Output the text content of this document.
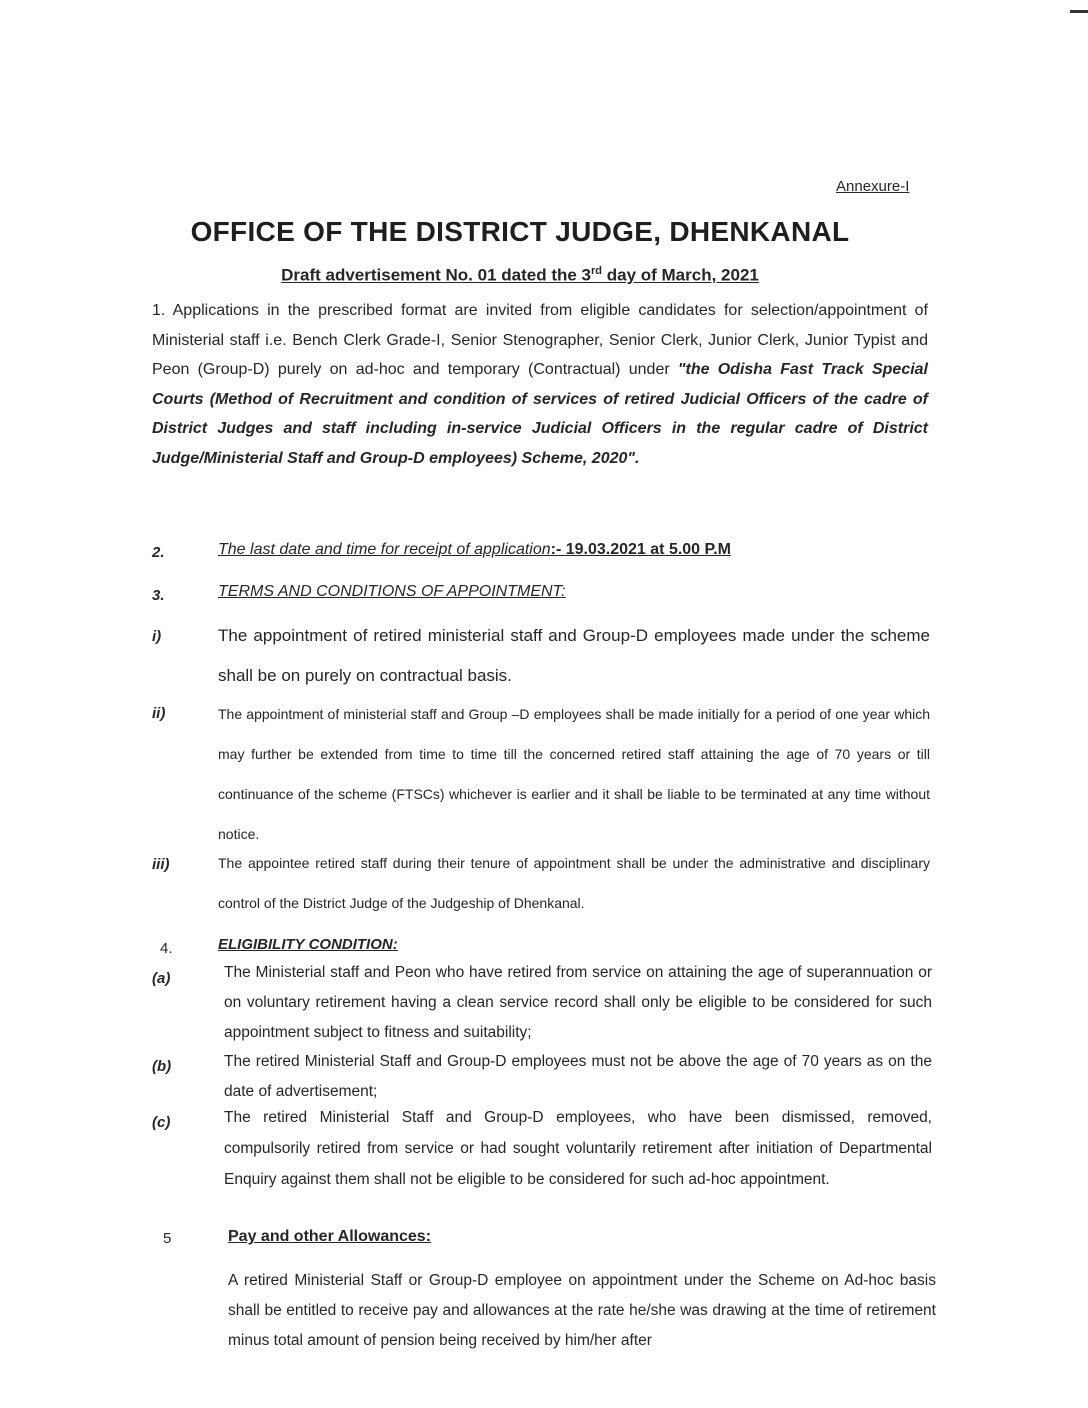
Annexure-I
OFFICE OF THE DISTRICT JUDGE, DHENKANAL
Draft advertisement No. 01 dated the 3rd day of March, 2021
1. Applications in the prescribed format are invited from eligible candidates for selection/appointment of Ministerial staff i.e. Bench Clerk Grade-I, Senior Stenographer, Senior Clerk, Junior Clerk, Junior Typist and Peon (Group-D) purely on ad-hoc and temporary (Contractual) under "the Odisha Fast Track Special Courts (Method of Recruitment and condition of services of retired Judicial Officers of the cadre of District Judges and staff including in-service Judicial Officers in the regular cadre of District Judge/Ministerial Staff and Group-D employees) Scheme, 2020".
2.	The last date and time for receipt of application:- 19.03.2021 at 5.00 P.M
3.	TERMS AND CONDITIONS OF APPOINTMENT:
i)	The appointment of retired ministerial staff and Group-D employees made under the scheme shall be on purely on contractual basis.
ii)	The appointment of ministerial staff and Group –D employees shall be made initially for a period of one year which may further be extended from time to time till the concerned retired staff attaining the age of 70 years or till continuance of the scheme (FTSCs) whichever is earlier and it shall be liable to be terminated at any time without notice.
iii)	The appointee retired staff during their tenure of appointment shall be under the administrative and disciplinary control of the District Judge of the Judgeship of Dhenkanal.
4.	ELIGIBILITY CONDITION:
(a)	The Ministerial staff and Peon who have retired from service on attaining the age of superannuation or on voluntary retirement having a clean service record shall only be eligible to be considered for such appointment subject to fitness and suitability;
(b)	The retired Ministerial Staff and Group-D employees must not be above the age of 70 years as on the date of advertisement;
(c)	The retired Ministerial Staff and Group-D employees, who have been dismissed, removed, compulsorily retired from service or had sought voluntarily retirement after initiation of Departmental Enquiry against them shall not be eligible to be considered for such ad-hoc appointment.
5	Pay and other Allowances:
A retired Ministerial Staff or Group-D employee on appointment under the Scheme on Ad-hoc basis shall be entitled to receive pay and allowances at the rate he/she was drawing at the time of retirement minus total amount of pension being received by him/her after
